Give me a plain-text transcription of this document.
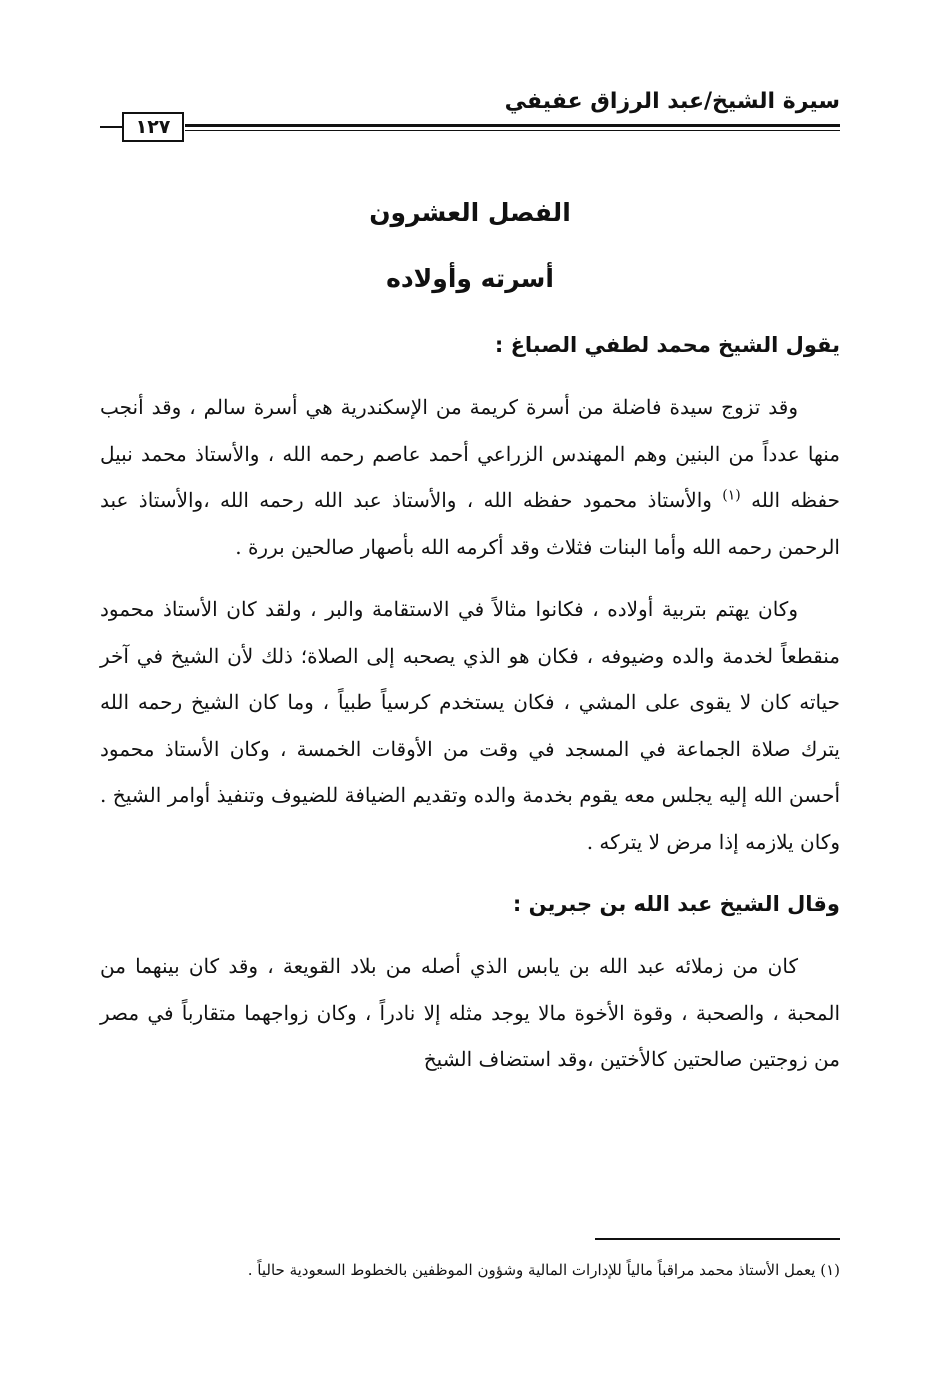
سيرة الشيخ/عبد الرزاق عفيفي
١٢٧
الفصل العشرون
أسرته وأولاده

يقول الشيخ محمد لطفي الصباغ :

وقد تزوج سيدة فاضلة من أسرة كريمة من الإسكندرية هي أسرة سالم ، وقد أنجب منها عدداً من البنين وهم المهندس الزراعي أحمد عاصم رحمه الله ، والأستاذ محمد نبيل حفظه الله $^{(١)}$ والأستاذ محمود حفظه الله ، والأستاذ عبد الله رحمه الله ،والأستاذ عبد الرحمن رحمه الله وأما البنات فثلاث وقد أكرمه الله بأصهار صالحين بررة .

وكان يهتم بتربية أولاده ، فكانوا مثالاً في الاستقامة والبر ، ولقد كان الأستاذ محمود منقطعاً لخدمة والده وضيوفه ، فكان هو الذي يصحبه إلى الصلاة؛ ذلك لأن الشيخ في آخر حياته كان لا يقوى على المشي ، فكان يستخدم كرسياً طبياً ، وما كان الشيخ رحمه الله يترك صلاة الجماعة في المسجد في وقت من الأوقات الخمسة ، وكان الأستاذ محمود أحسن الله إليه يجلس معه يقوم بخدمة والده وتقديم الضيافة للضيوف وتنفيذ أوامر الشيخ . وكان يلازمه إذا مرض لا يتركه .

وقال الشيخ عبد الله بن جبرين :

كان من زملائه عبد الله بن يابس الذي أصله من بلاد القويعة ، وقد كان بينهما من المحبة ، والصحبة ، وقوة الأخوة مالا يوجد مثله إلا نادراً ، وكان زواجهما متقارباً في مصر من زوجتين صالحتين كالأختين ،وقد استضاف الشيخ

(١) يعمل الأستاذ محمد مراقباً مالياً للإدارات المالية وشؤون الموظفين بالخطوط السعودية حالياً .
